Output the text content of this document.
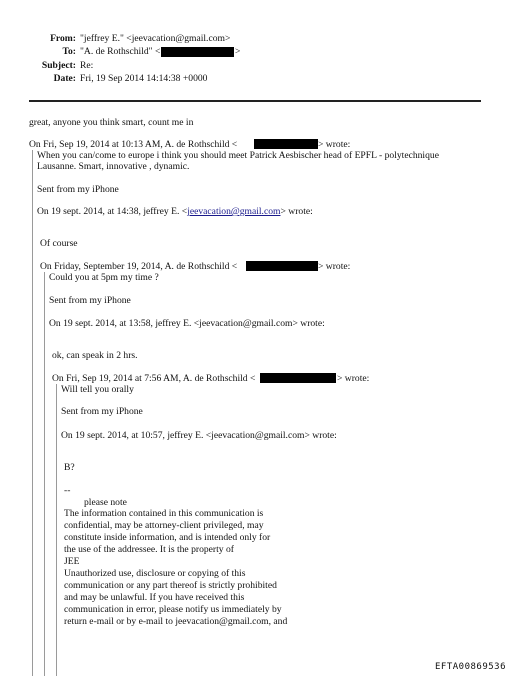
From: "jeffrey E." <jeevacation@gmail.com>
To: "A. de Rothschild" <	>
Subject: Re:
Date: Fri, 19 Sep 2014 14:14:38 +0000
great, anyone you think smart, count me in
On Fri, Sep 19, 2014 at 10:13 AM, A. de Rothschild <	> wrote:
When you can/come to europe i think you should meet Patrick Aesbischer head of EPFL - polytechnique
Lausanne. Smart, innovative , dynamic.
Sent from my iPhone
On 19 sept. 2014, at 14:38, jeffrey E. <jeevacation@gmail.com> wrote:
Of course
On Friday, September 19, 2014, A. de Rothschild <	> wrote:
Could you at 5pm my time ?
Sent from my iPhone
On 19 sept. 2014, at 13:58, jeffrey E. <jeevacation@gmail.com> wrote:
ok, can speak in 2 hrs.
On Fri, Sep 19, 2014 at 7:56 AM, A. de Rothschild <	> wrote:
Will tell you orally
Sent from my iPhone
On 19 sept. 2014, at 10:57, jeffrey E. <jeevacation@gmail.com> wrote:
B?
--
please note
The information contained in this communication is
confidential, may be attorney-client privileged, may
constitute inside information, and is intended only for
the use of the addressee. It is the property of
JEE
Unauthorized use, disclosure or copying of this
communication or any part thereof is strictly prohibited
and may be unlawful. If you have received this
communication in error, please notify us immediately by
return e-mail or by e-mail to jeevacation@gmail.com, and
EFTA00869536
